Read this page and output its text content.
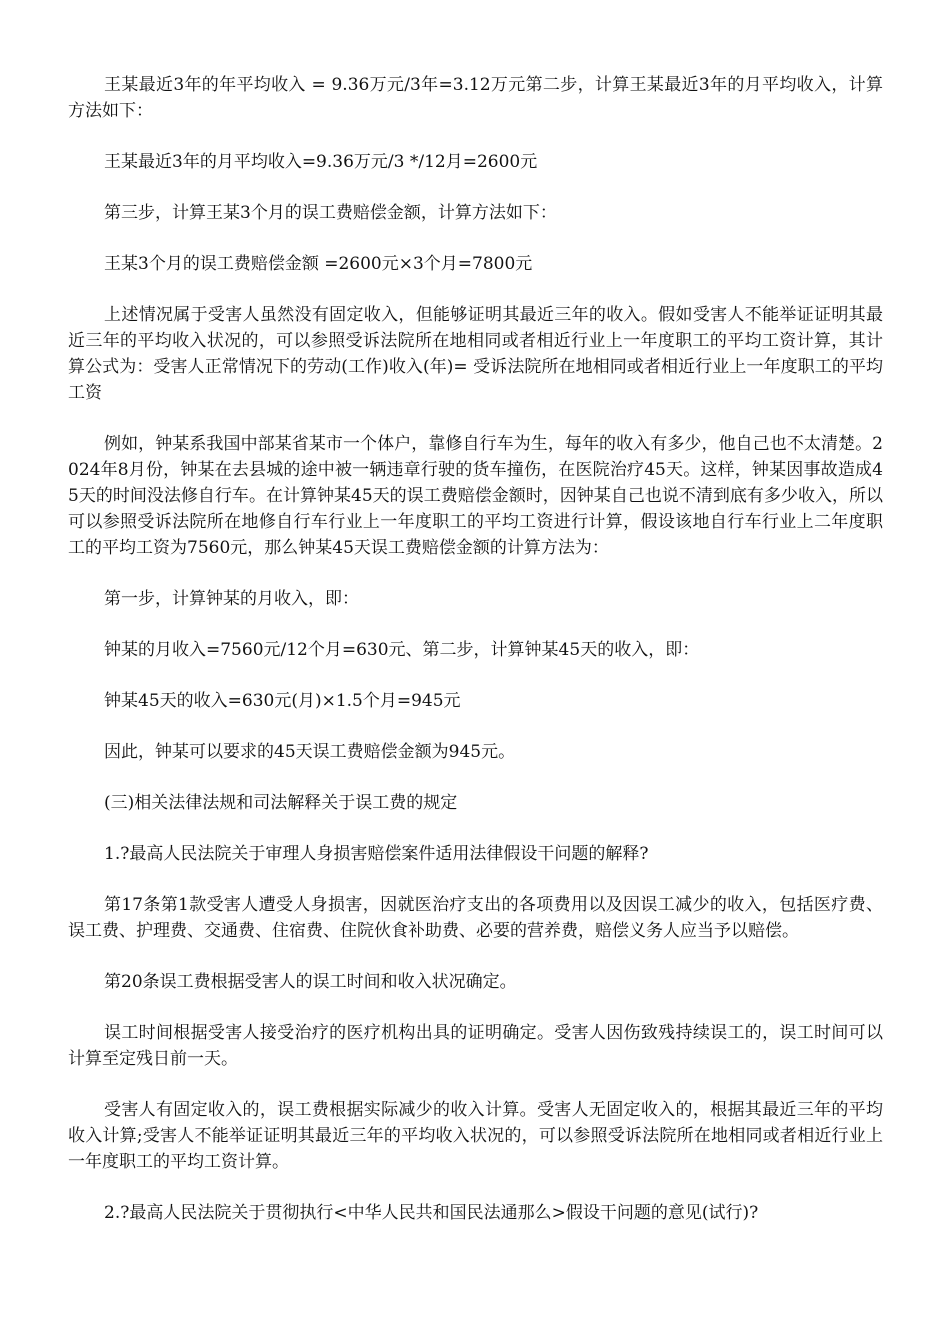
王某最近3年的年平均收入 = 9.36万元/3年=3.12万元第二步，计算王某最近3年的月平均收入，计算方法如下：

王某最近3年的月平均收入=9.36万元/3 */12月=2600元

第三步，计算王某3个月的误工费赔偿金额，计算方法如下：

王某3个月的误工费赔偿金额 =2600元×3个月=7800元

上述情况属于受害人虽然没有固定收入，但能够证明其最近三年的收入。假如受害人不能举证证明其最近三年的平均收入状况的，可以参照受诉法院所在地相同或者相近行业上一年度职工的平均工资计算，其计算公式为：受害人正常情况下的劳动(工作)收入(年)= 受诉法院所在地相同或者相近行业上一年度职工的平均工资

例如，钟某系我国中部某省某市一个体户，靠修自行车为生，每年的收入有多少，他自己也不太清楚。2024年8月份，钟某在去县城的途中被一辆违章行驶的货车撞伤，在医院治疗45天。这样，钟某因事故造成45天的时间没法修自行车。在计算钟某45天的误工费赔偿金额时，因钟某自己也说不清到底有多少收入，所以可以参照受诉法院所在地修自行车行业上一年度职工的平均工资进行计算，假设该地自行车行业上二年度职工的平均工资为7560元，那么钟某45天误工费赔偿金额的计算方法为：

第一步，计算钟某的月收入，即：

钟某的月收入=7560元/12个月=630元、第二步，计算钟某45天的收入，即：

钟某45天的收入=630元(月)×1.5个月=945元

因此，钟某可以要求的45天误工费赔偿金额为945元。

(三)相关法律法规和司法解释关于误工费的规定

1.?最高人民法院关于审理人身损害赔偿案件适用法律假设干问题的解释?

第17条第1款受害人遭受人身损害，因就医治疗支出的各项费用以及因误工减少的收入，包括医疗费、误工费、护理费、交通费、住宿费、住院伙食补助费、必要的营养费，赔偿义务人应当予以赔偿。

第20条误工费根据受害人的误工时间和收入状况确定。

误工时间根据受害人接受治疗的医疗机构出具的证明确定。受害人因伤致残持续误工的，误工时间可以计算至定残日前一天。

受害人有固定收入的，误工费根据实际减少的收入计算。受害人无固定收入的，根据其最近三年的平均收入计算;受害人不能举证证明其最近三年的平均收入状况的，可以参照受诉法院所在地相同或者相近行业上一年度职工的平均工资计算。

2.?最高人民法院关于贯彻执行<中华人民共和国民法通那么>假设干问题的意见(试行)?
